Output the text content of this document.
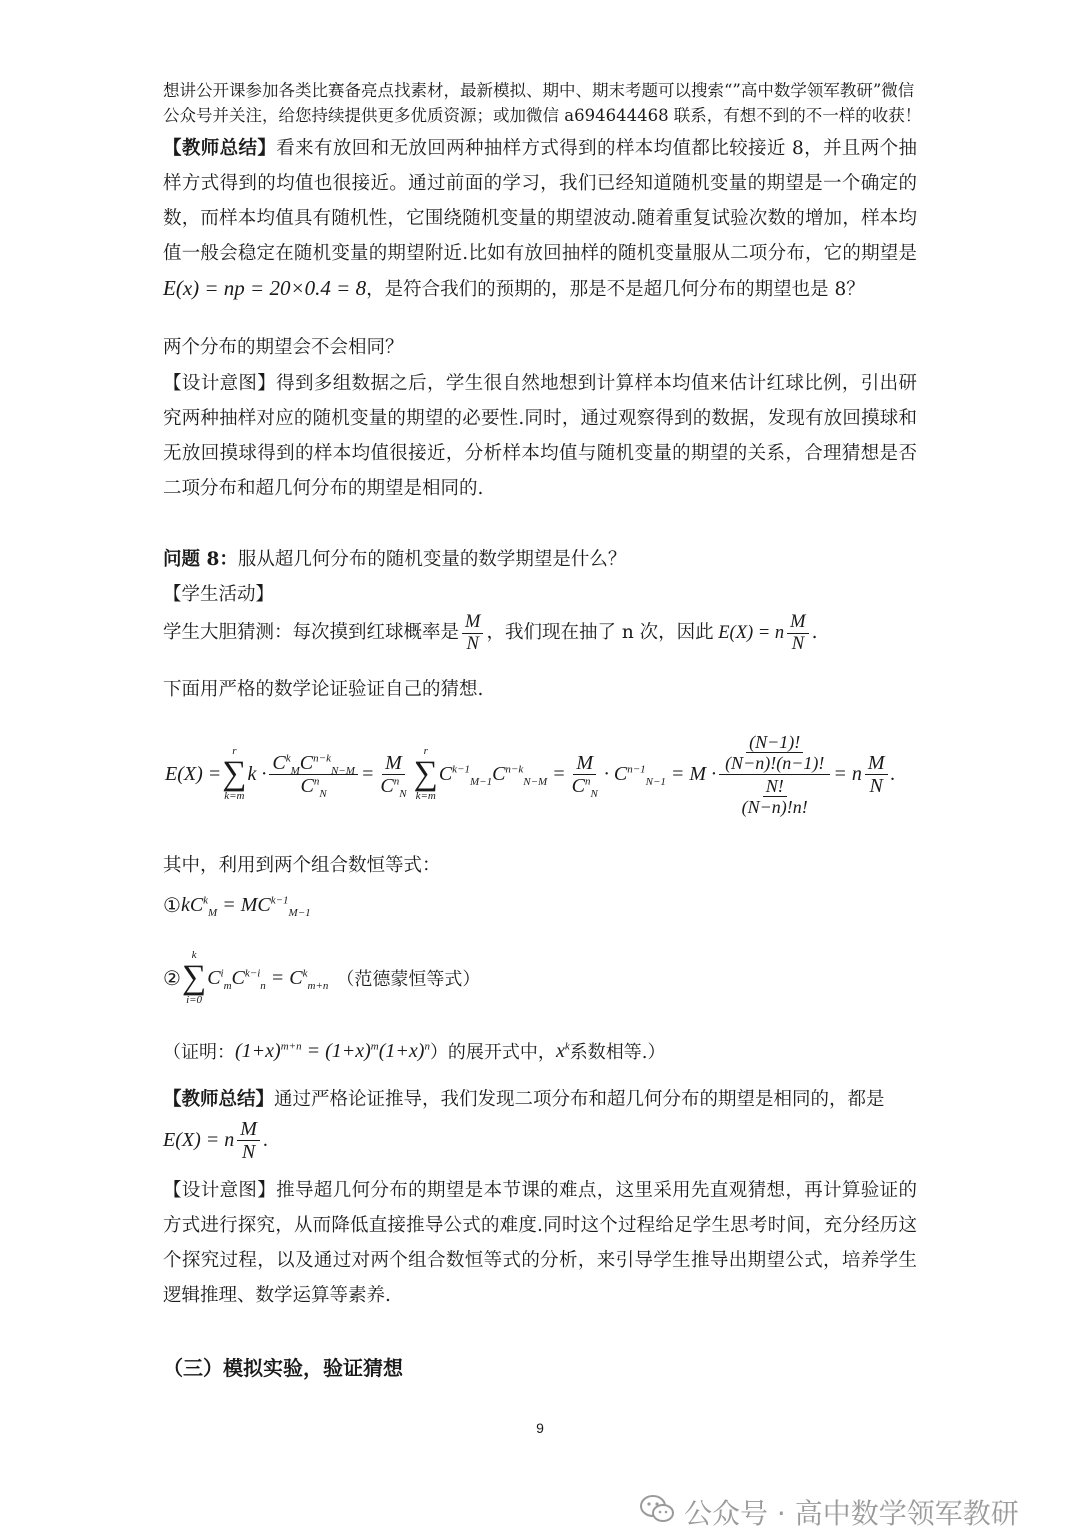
想讲公开课参加各类比赛备亮点找素材，最新模拟、期中、期末考题可以搜索“”高中数学领军教研”微信公众号并关注，给您持续提供更多优质资源；或加微信 a694644468 联系，有想不到的不一样的收获！

【教师总结】看来有放回和无放回两种抽样方式得到的样本均值都比较接近 8，并且两个抽样方式得到的均值也很接近。通过前面的学习，我们已经知道随机变量的期望是一个确定的数，而样本均值具有随机性，它围绕随机变量的期望波动.随着重复试验次数的增加，样本均值一般会稳定在随机变量的期望附近.比如有放回抽样的随机变量服从二项分布，它的期望是 E(x) = np = 20×0.4 = 8，是符合我们的预期的，那是不是超几何分布的期望也是 8？

两个分布的期望会不会相同？

【设计意图】得到多组数据之后，学生很自然地想到计算样本均值来估计红球比例，引出研究两种抽样对应的随机变量的期望的必要性.同时，通过观察得到的数据，发现有放回摸球和无放回摸球得到的样本均值很接近，分析样本均值与随机变量的期望的关系，合理猜想是否二项分布和超几何分布的期望是相同的.

问题 8：服从超几何分布的随机变量的数学期望是什么？

【学生活动】

学生大胆猜测：每次摸到红球概率是 $\frac{M}{N}$ ，我们现在抽了 n 次，因此 E(X) = n $\frac{M}{N}$ .

下面用严格的数学论证验证自己的猜想.

E(X) =
r
∑
k=m
$k \cdot \frac{C^k_MC^{n-k}_{N-M}}{C^n_N} = \frac{M}{C^n_N}$
r
∑
k=m
$C^{k-1}_{M-1}C^{n-k}_{N-M} = \frac{M}{C^n_N} \cdot C^{n-1}_{N-1} = M \cdot \frac{\frac{(N-1)!}{(N-n)!(n-1)!}}{\frac{N!}{(N-n)!n!}} = n \frac{M}{N}$ .

其中，利用到两个组合数恒等式：

① $kC^k_M = MC^{k-1}_{M-1}$
②
k
∑
i=0
$C^i_mC^{k-i}_n = C^k_{m+n}$ （范德蒙恒等式）
（证明： $(1+x)^{m+n} = (1+x)^m(1+x)^n$ ）的展开式中， $x^k$ 系数相等.）

【教师总结】通过严格论证推导，我们发现二项分布和超几何分布的期望是相同的，都是

E(X) = n $\frac{M}{N}$ .

【设计意图】推导超几何分布的期望是本节课的难点，这里采用先直观猜想，再计算验证的方式进行探究，从而降低直接推导公式的难度.同时这个过程给足学生思考时间，充分经历这个探究过程，以及通过对两个组合数恒等式的分析，来引导学生推导出期望公式，培养学生逻辑推理、数学运算等素养.

（三）模拟实验，验证猜想
9
公众号 · 高中数学领军教研
